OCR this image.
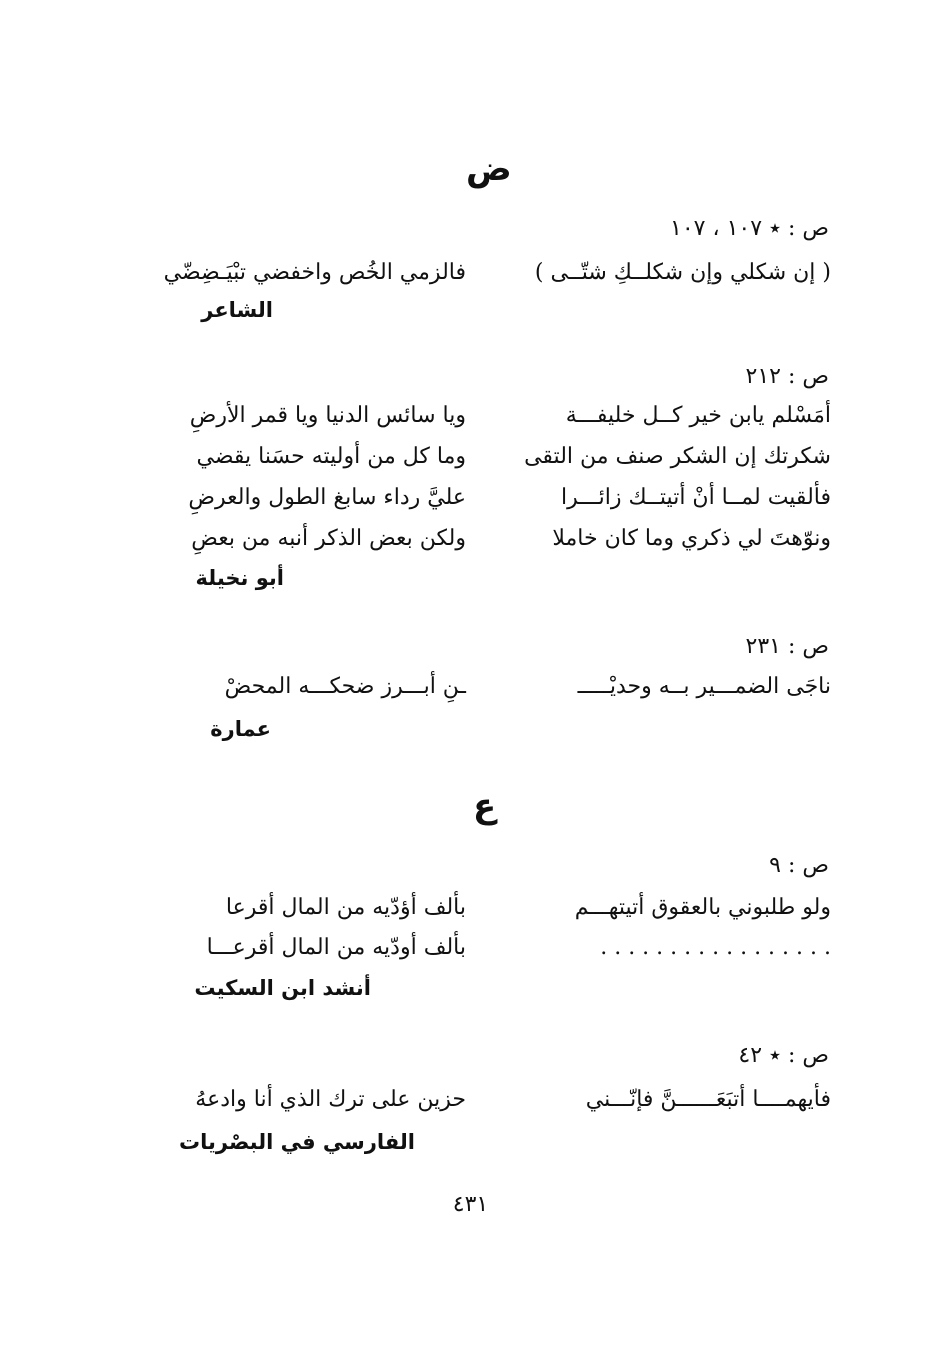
ض
ص : ٭ ١٠٧ ، ١٠٧
( إن شكلي وإن شكلــكِ شتّــى )
فالزمي الخُص واخفضي تبْيَـضِضّي
الشاعر
ص : ٢١٢
أمَسْلم يابن خير كــل خليفـــة
ويا سائس الدنيا ويا قمر الأرضِ
شكرتك إن الشكر صنف من التقى
وما كل من أوليته حسَنا يقضي
فألقيت لمــا أنْ أتيتــك زائـــرا
عليَّ رداء سابغ الطول والعرضِ
ونوّهتَ لي ذكري وما كان خاملا
ولكن بعض الذكر أنبه من بعضِ
أبو نخيلة
ص : ٢٣١
ناجَى الضمـــير بــه وحديْـــــ
ـنِ أبـــرز ضحكـــه المحضْ
عمارة
ع
ص : ٩
ولو طلبوني بالعقوق أتيتهـــم
بألف أؤدّيه من المال أقرعا
. . . . . . . . . . . . . . . . .
بألف أودّيه من المال أقرعـــا
أنشد ابن السكيت
ص : ٭ ٤٢
فأيهمــــا أتبَعَــــــنَّ فإنّـــني
حزين على ترك الذي أنا وادعهُ
الفارسي في البصْريات
٤٣١
